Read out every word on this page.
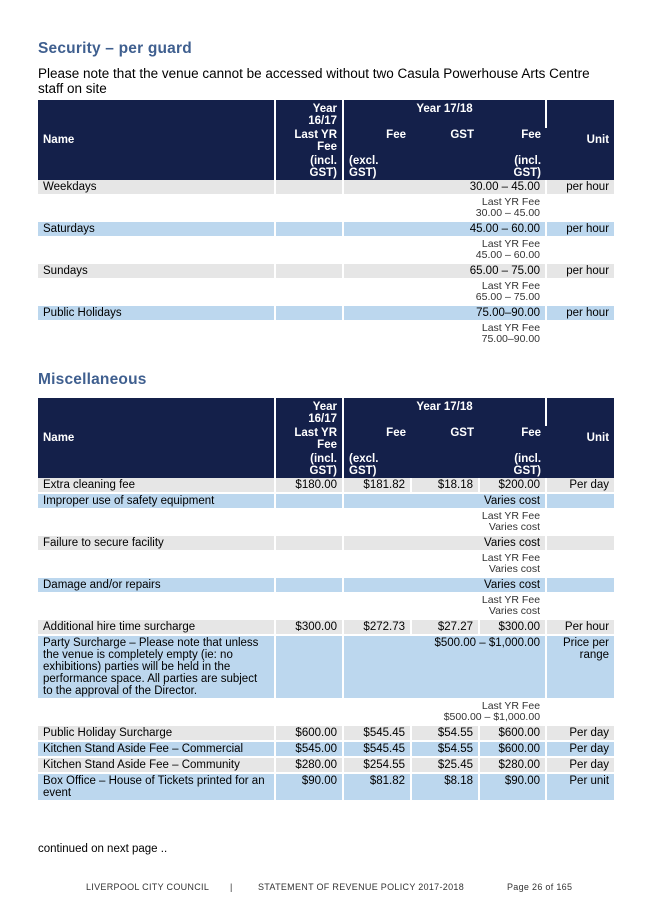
Security – per guard
Please note that the venue cannot be accessed without two Casula Powerhouse Arts Centre staff on site
Name	Year 16/17	Year 17/18			Unit
	Last YR Fee	Fee	GST	Fee	
	(incl. GST)	(excl. GST)		(incl. GST)	
Weekdays		30.00 – 45.00			per hour

		Last YR Fee
30.00 – 45.00			

Saturdays		45.00 – 60.00			per hour

		Last YR Fee
45.00 – 60.00			

Sundays		65.00 – 75.00			per hour

		Last YR Fee
65.00 – 75.00			

Public Holidays		75.00–90.00			per hour

		Last YR Fee
75.00–90.00			

Miscellaneous
Name	Year 16/17	Year 17/18			Unit
	Last YR Fee	Fee	GST	Fee	
	(incl. GST)	(excl. GST)		(incl. GST)	
Extra cleaning fee	$180.00	$181.82	$18.18	$200.00	Per day
Improper use of safety equipment		Varies cost			

		Last YR Fee
Varies cost			

Failure to secure facility		Varies cost			

		Last YR Fee
Varies cost			

Damage and/or repairs		Varies cost			

		Last YR Fee
Varies cost			

Additional hire time surcharge	$300.00	$272.73	$27.27	$300.00	Per hour
Party Surcharge – Please note that unless the venue is completely empty (ie: no exhibitions) parties will be held in the performance space. All parties are subject to the approval of the Director.		$500.00 – $1,000.00			Price per range

		Last YR Fee
$500.00 – $1,000.00			

Public Holiday Surcharge	$600.00	$545.45	$54.55	$600.00	Per day
Kitchen Stand Aside Fee – Commercial	$545.00	$545.45	$54.55	$600.00	Per day
Kitchen Stand Aside Fee – Community	$280.00	$254.55	$25.45	$280.00	Per day
Box Office – House of Tickets printed for an event	$90.00	$81.82	$8.18	$90.00	Per unit
continued on next page ..
LIVERPOOL CITY COUNCIL |	STATEMENT OF REVENUE POLICY 2017-2018	Page 26 of 165
